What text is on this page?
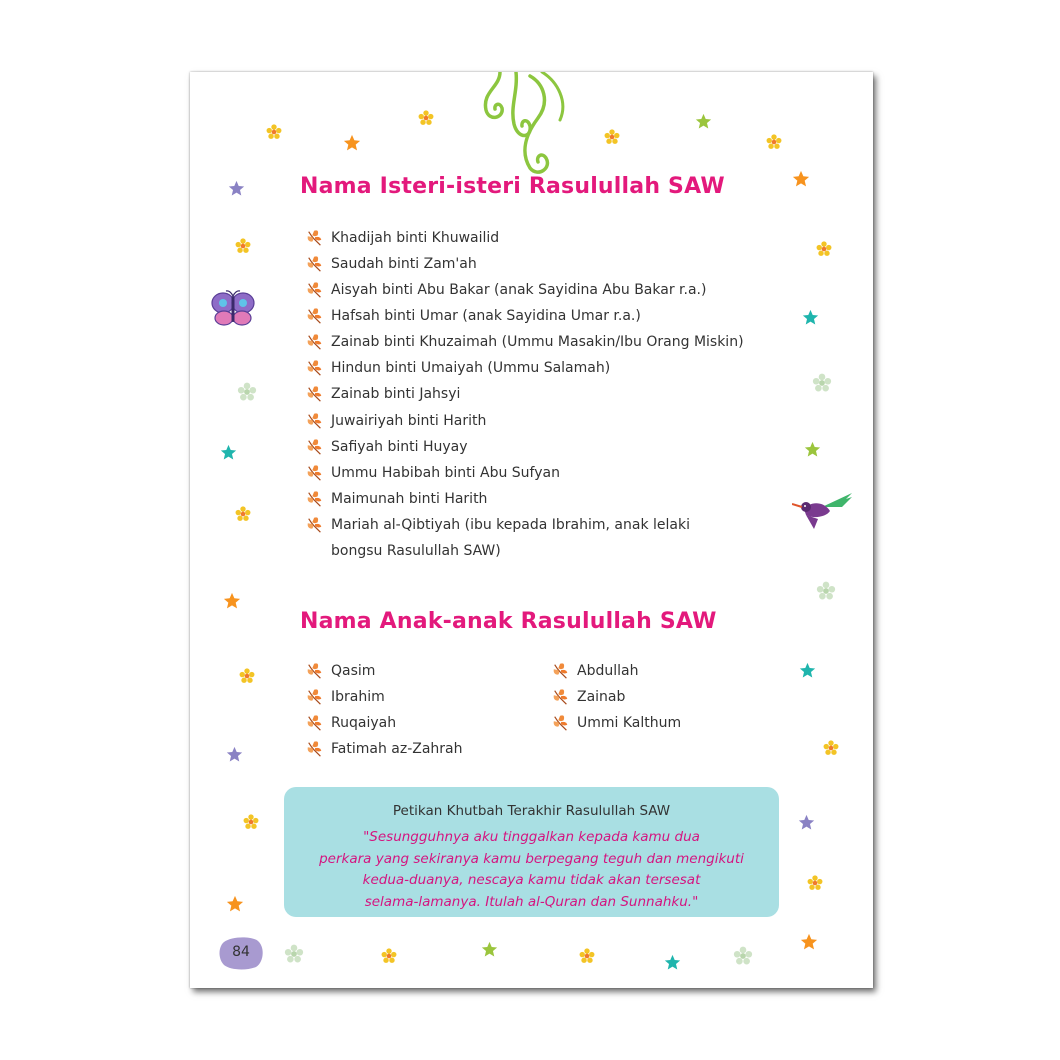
Nama Isteri-isteri Rasulullah SAW
Khadijah binti Khuwailid
Saudah binti Zam'ah
Aisyah binti Abu Bakar (anak Sayidina Abu Bakar r.a.)
Hafsah binti Umar (anak Sayidina Umar r.a.)
Zainab binti Khuzaimah (Ummu Masakin/Ibu Orang Miskin)
Hindun binti Umaiyah (Ummu Salamah)
Zainab binti Jahsyi
Juwairiyah binti Harith
Safiyah binti Huyay
Ummu Habibah binti Abu Sufyan
Maimunah binti Harith
Mariah al-Qibtiyah (ibu kepada Ibrahim, anak lelaki
bongsu Rasulullah SAW)
Nama Anak-anak Rasulullah SAW
Qasim
Ibrahim
Ruqaiyah
Fatimah az-Zahrah
Abdullah
Zainab
Ummi Kalthum
Petikan Khutbah Terakhir Rasulullah SAW
"Sesungguhnya aku tinggalkan kepada kamu dua
perkara yang sekiranya kamu berpegang teguh dan mengikuti
kedua-duanya, nescaya kamu tidak akan tersesat
selama-lamanya. Itulah al-Quran dan Sunnahku."
84
